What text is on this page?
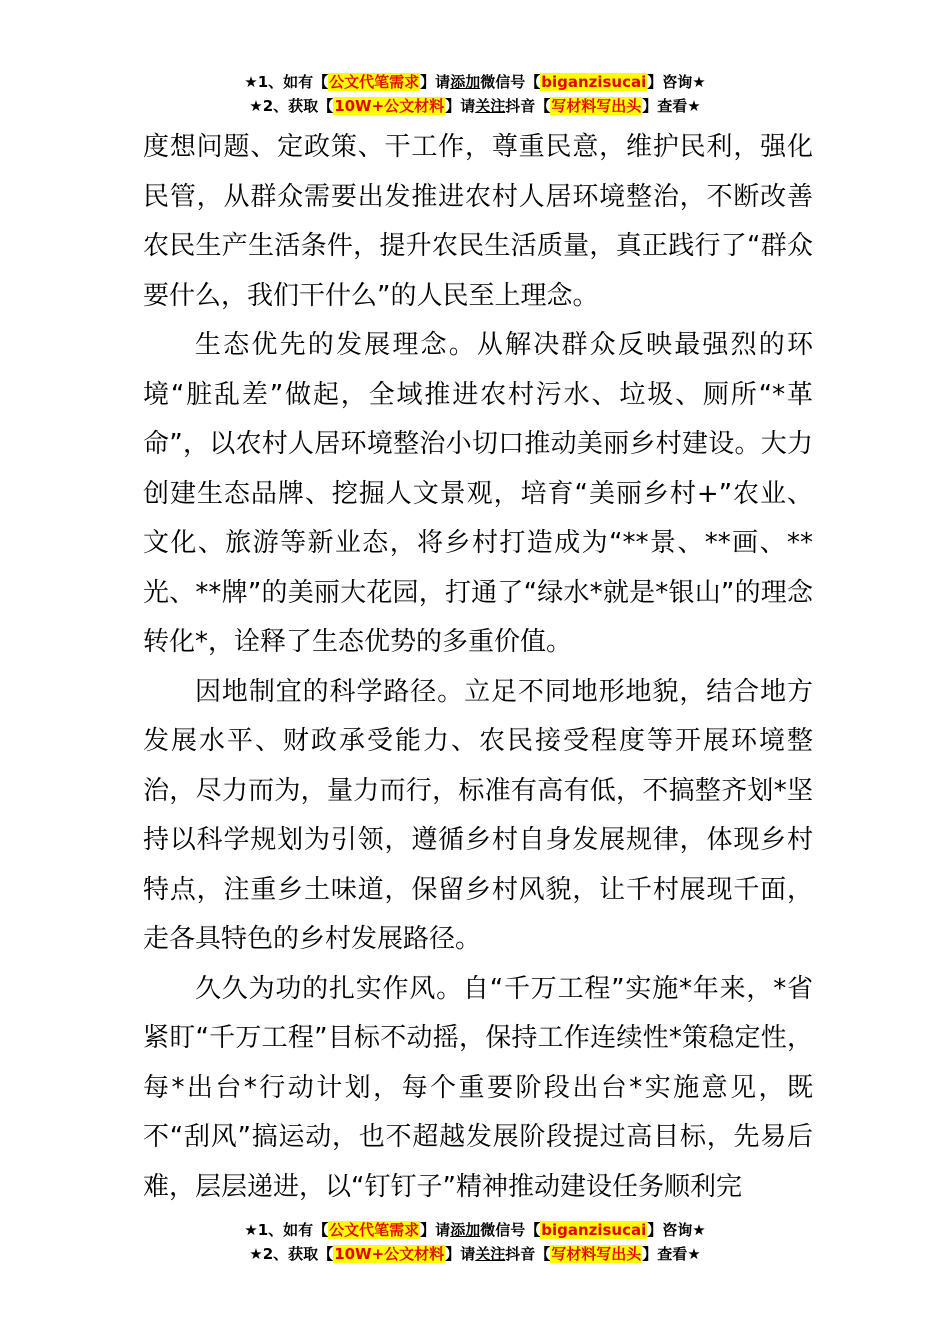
★1、如有【公文代笔需求】请添加微信号【biganzisucai】咨询★
★2、获取【10W+公文材料】请关注抖音【写材料写出头】查看★

度想问题、定政策、干工作，尊重民意，维护民利，强化民管，从群众需要出发推进农村人居环境整治，不断改善农民生产生活条件，提升农民生活质量，真正践行了“群众要什么，我们干什么”的人民至上理念。

生态优先的发展理念。从解决群众反映最强烈的环境“脏乱差”做起，全域推进农村污水、垃圾、厕所“*革命”，以农村人居环境整治小切口推动美丽乡村建设。大力创建生态品牌、挖掘人文景观，培育“美丽乡村+”农业、文化、旅游等新业态，将乡村打造成为“**景、**画、**光、**牌”的美丽大花园，打通了“绿水*就是*银山”的理念转化*，诠释了生态优势的多重价值。

因地制宜的科学路径。立足不同地形地貌，结合地方发展水平、财政承受能力、农民接受程度等开展环境整治，尽力而为，量力而行，标准有高有低，不搞整齐划*坚持以科学规划为引领，遵循乡村自身发展规律，体现乡村特点，注重乡土味道，保留乡村风貌，让千村展现千面，走各具特色的乡村发展路径。

久久为功的扎实作风。自“千万工程”实施*年来，*省紧盯“千万工程”目标不动摇，保持工作连续性*策稳定性，每*出台*行动计划，每个重要阶段出台*实施意见，既不“刮风”搞运动，也不超越发展阶段提过高目标，先易后难，层层递进，以“钉钉子”精神推动建设任务顺利完

★1、如有【公文代笔需求】请添加微信号【biganzisucai】咨询★
★2、获取【10W+公文材料】请关注抖音【写材料写出头】查看★
